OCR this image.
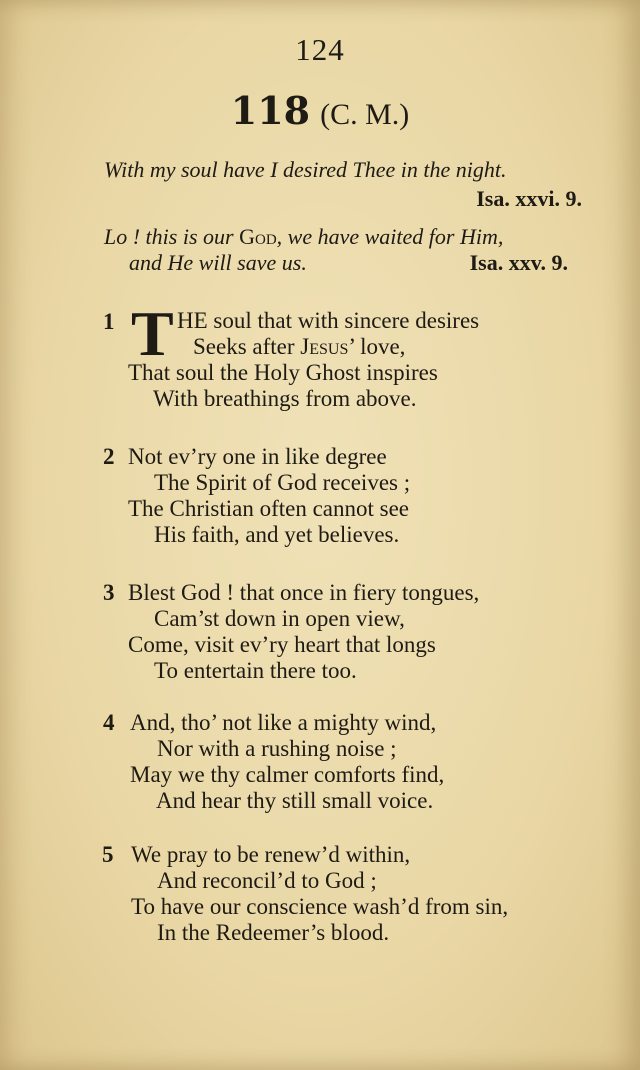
124
118 (C. M.)
With my soul have I desired Thee in the night.
Isa. xxvi. 9.
Lo ! this is our God, we have waited for Him,
and He will save us.	Isa. xxv. 9.
1 T HE soul that with sincere desires
Seeks after Jesus’ love,
That soul the Holy Ghost inspires
With breathings from above.
2 Not ev’ry one in like degree
The Spirit of God receives ;
The Christian often cannot see
His faith, and yet believes.
3 Blest God ! that once in fiery tongues,
Cam’st down in open view,
Come, visit ev’ry heart that longs
To entertain there too.
4 And, tho’ not like a mighty wind,
Nor with a rushing noise ;
May we thy calmer comforts find,
And hear thy still small voice.
5 We pray to be renew’d within,
And reconcil’d to God ;
To have our conscience wash’d from sin,
In the Redeemer’s blood.
